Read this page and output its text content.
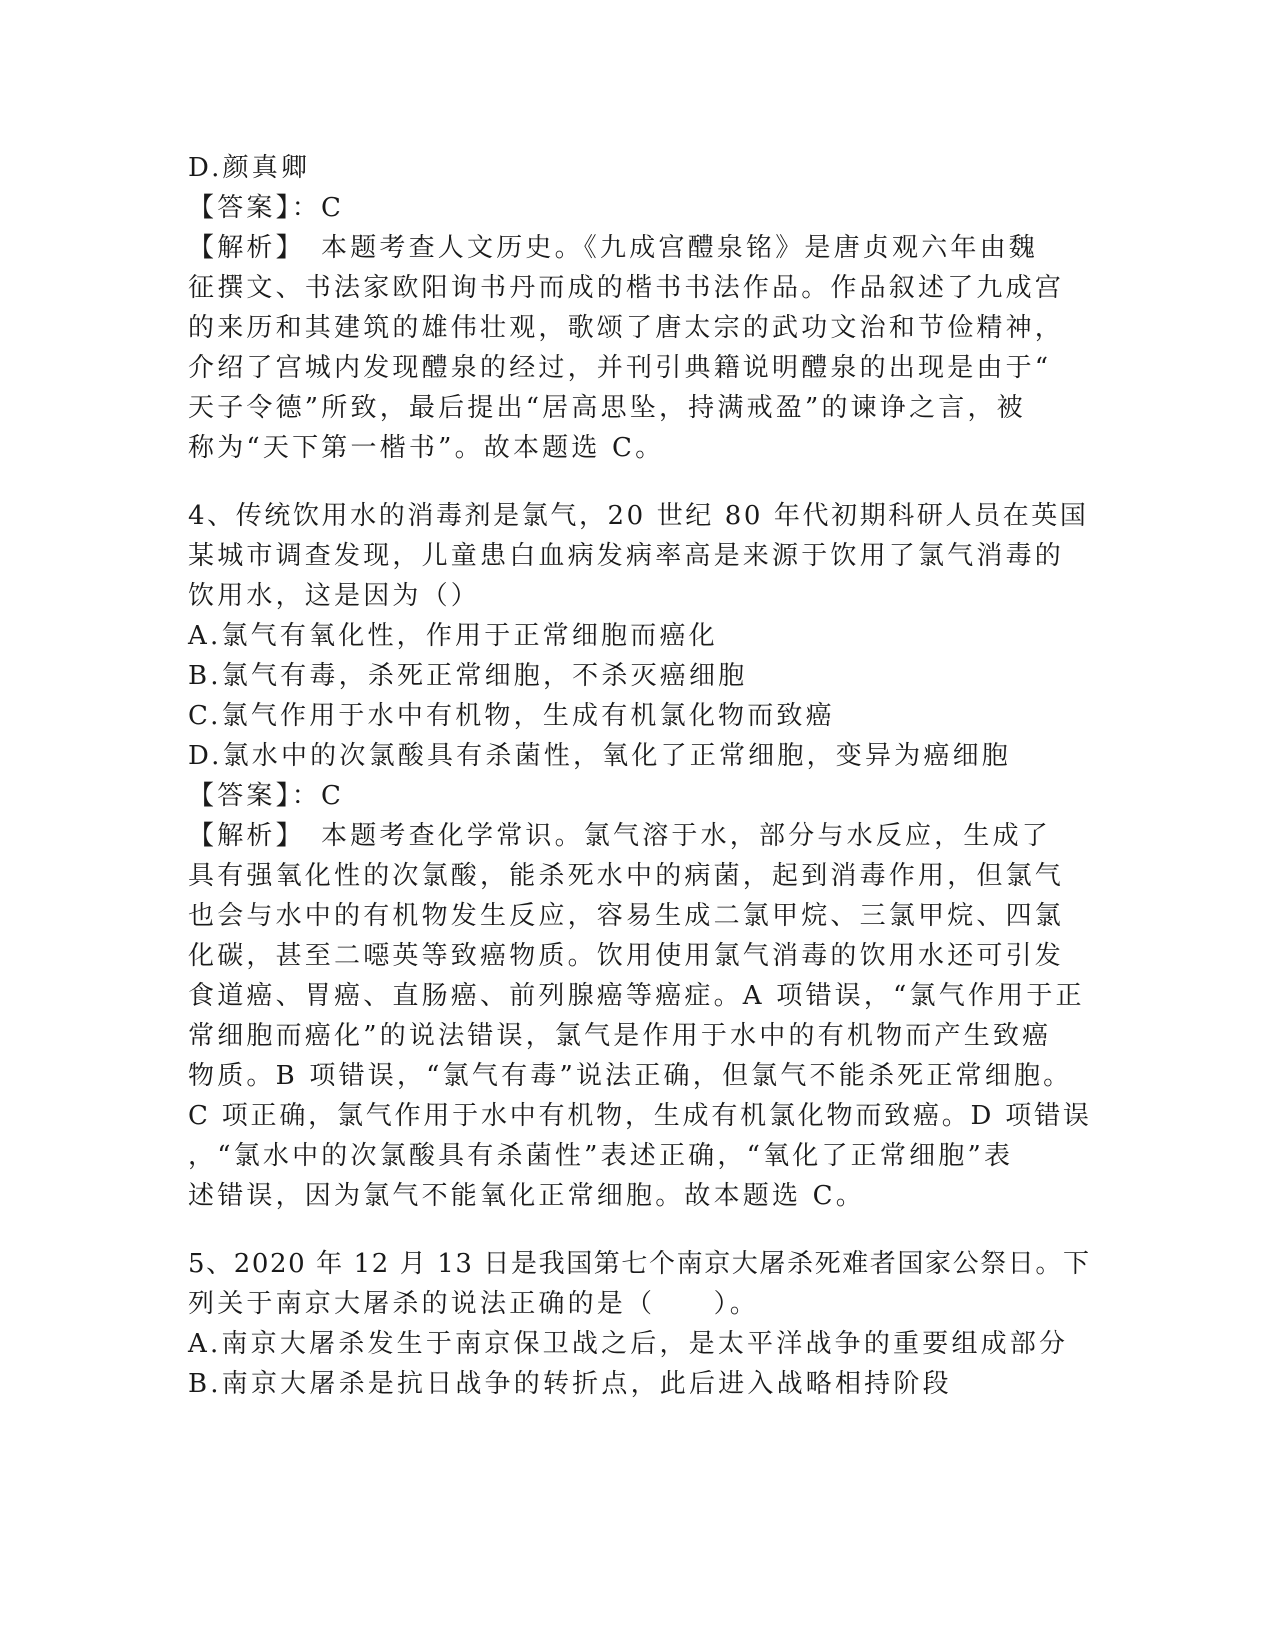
D.颜真卿
【答案】：C
【解析】　本题考查人文历史。《九成宫醴泉铭》是唐贞观六年由魏
征撰文、书法家欧阳询书丹而成的楷书书法作品。作品叙述了九成宫
的来历和其建筑的雄伟壮观，歌颂了唐太宗的武功文治和节俭精神，
介绍了宫城内发现醴泉的经过，并刊引典籍说明醴泉的出现是由于“
天子令德”所致，最后提出“居高思坠，持满戒盈”的谏诤之言，被
称为“天下第一楷书”。故本题选 C。
4、传统饮用水的消毒剂是氯气，20 世纪 80 年代初期科研人员在英国
某城市调查发现，儿童患白血病发病率高是来源于饮用了氯气消毒的
饮用水，这是因为（）
A.氯气有氧化性，作用于正常细胞而癌化
B.氯气有毒，杀死正常细胞，不杀灭癌细胞
C.氯气作用于水中有机物，生成有机氯化物而致癌
D.氯水中的次氯酸具有杀菌性，氧化了正常细胞，变异为癌细胞
【答案】：C
【解析】　本题考查化学常识。氯气溶于水，部分与水反应，生成了
具有强氧化性的次氯酸，能杀死水中的病菌，起到消毒作用，但氯气
也会与水中的有机物发生反应，容易生成二氯甲烷、三氯甲烷、四氯
化碳，甚至二噁英等致癌物质。饮用使用氯气消毒的饮用水还可引发
食道癌、胃癌、直肠癌、前列腺癌等癌症。A 项错误，“氯气作用于正
常细胞而癌化”的说法错误，氯气是作用于水中的有机物而产生致癌
物质。B 项错误，“氯气有毒”说法正确，但氯气不能杀死正常细胞。
C 项正确，氯气作用于水中有机物，生成有机氯化物而致癌。D 项错误
，“氯水中的次氯酸具有杀菌性”表述正确，“氧化了正常细胞”表
述错误，因为氯气不能氧化正常细胞。故本题选 C。
5、2020 年 12 月 13 日是我国第七个南京大屠杀死难者国家公祭日。下
列关于南京大屠杀的说法正确的是（　　）。
A.南京大屠杀发生于南京保卫战之后，是太平洋战争的重要组成部分
B.南京大屠杀是抗日战争的转折点，此后进入战略相持阶段
